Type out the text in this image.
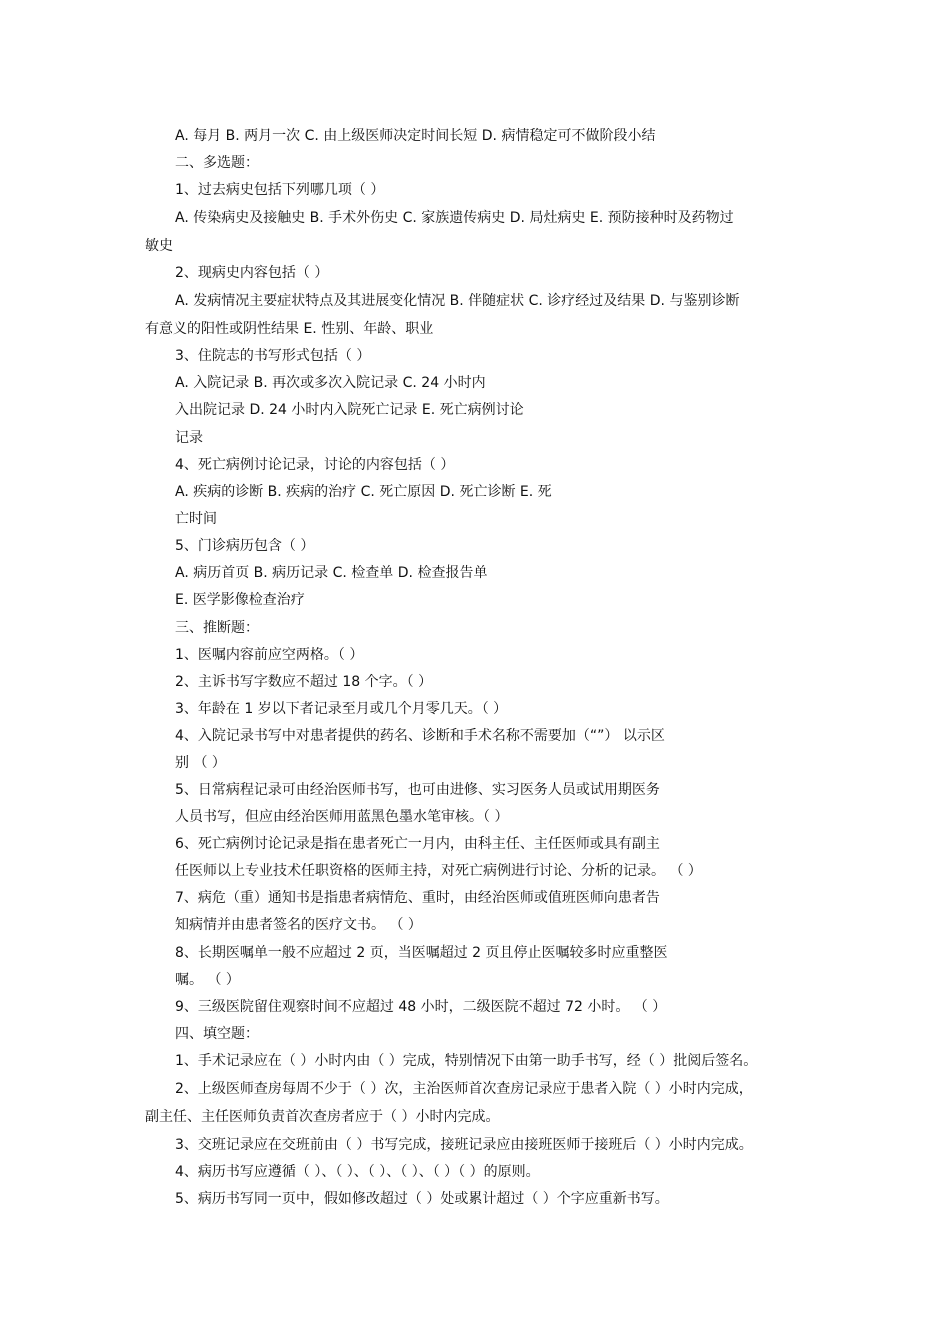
A. 每月 B. 两月一次 C. 由上级医师决定时间长短 D. 病情稳定可不做阶段小结
二、多选题：
1、过去病史包括下列哪几项（ ）
A. 传染病史及接触史 B. 手术外伤史 C. 家族遗传病史 D. 局灶病史 E. 预防接种时及药物过
敏史
2、现病史内容包括（ ）
A. 发病情况主要症状特点及其进展变化情况 B. 伴随症状 C. 诊疗经过及结果 D. 与鉴别诊断
有意义的阳性或阴性结果 E. 性别、年龄、职业
3、住院志的书写形式包括（ ）
A. 入院记录 B. 再次或多次入院记录 C. 24 小时内
入出院记录 D. 24 小时内入院死亡记录 E. 死亡病例讨论
记录
4、死亡病例讨论记录，讨论的内容包括（ ）
A. 疾病的诊断 B. 疾病的治疗 C. 死亡原因 D. 死亡诊断 E. 死
亡时间
5、门诊病历包含（ ）
A. 病历首页 B. 病历记录 C. 检查单 D. 检查报告单
E. 医学影像检查治疗
三、推断题：
1、医嘱内容前应空两格。（ ）
2、主诉书写字数应不超过 18 个字。（ ）
3、年龄在 1 岁以下者记录至月或几个月零几天。（ ）
4、入院记录书写中对患者提供的药名、诊断和手术名称不需要加（“”） 以示区
别 （ ）
5、日常病程记录可由经治医师书写，也可由进修、实习医务人员或试用期医务
人员书写，但应由经治医师用蓝黑色墨水笔审核。（ ）
6、死亡病例讨论记录是指在患者死亡一月内，由科主任、主任医师或具有副主
任医师以上专业技术任职资格的医师主持，对死亡病例进行讨论、分析的记录。 （ ）
7、病危（重）通知书是指患者病情危、重时，由经治医师或值班医师向患者告
知病情并由患者签名的医疗文书。 （ ）
8、长期医嘱单一般不应超过 2 页，当医嘱超过 2 页且停止医嘱较多时应重整医
嘱。 （ ）
9、三级医院留住观察时间不应超过 48 小时，二级医院不超过 72 小时。 （ ）
四、填空题：
1、手术记录应在（ ）小时内由（ ）完成，特别情况下由第一助手书写，经（ ）批阅后签名。
2、上级医师查房每周不少于（ ）次，主治医师首次查房记录应于患者入院（ ）小时内完成，
副主任、主任医师负责首次查房者应于（ ）小时内完成。
3、交班记录应在交班前由（ ）书写完成，接班记录应由接班医师于接班后（ ）小时内完成。
4、病历书写应遵循（ ）、（ ）、（ ）、（ ）、（ ）（ ）的原则。
5、病历书写同一页中，假如修改超过（ ）处或累计超过（ ）个字应重新书写。
